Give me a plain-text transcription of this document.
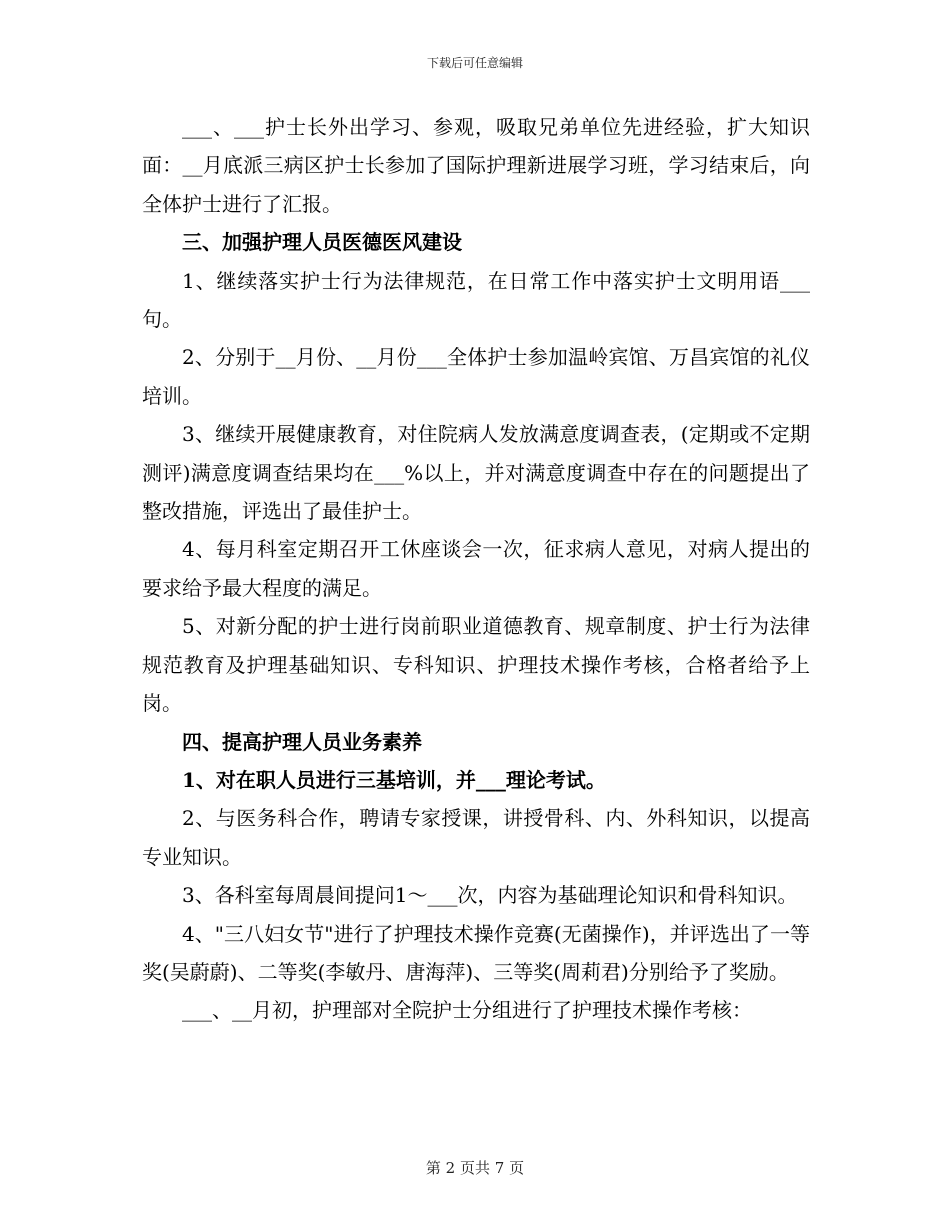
下载后可任意编辑

___、___护士长外出学习、参观，吸取兄弟单位先进经验，扩大知识面：__月底派三病区护士长参加了国际护理新进展学习班，学习结束后，向全体护士进行了汇报。

三、加强护理人员医德医风建设

1、继续落实护士行为法律规范，在日常工作中落实护士文明用语___句。

2、分别于__月份、__月份___全体护士参加温岭宾馆、万昌宾馆的礼仪培训。

3、继续开展健康教育，对住院病人发放满意度调查表，(定期或不定期测评)满意度调查结果均在___%以上，并对满意度调查中存在的问题提出了整改措施，评选出了最佳护士。

4、每月科室定期召开工休座谈会一次，征求病人意见，对病人提出的要求给予最大程度的满足。

5、对新分配的护士进行岗前职业道德教育、规章制度、护士行为法律规范教育及护理基础知识、专科知识、护理技术操作考核，合格者给予上岗。

四、提高护理人员业务素养

1、对在职人员进行三基培训，并___理论考试。

2、与医务科合作，聘请专家授课，讲授骨科、内、外科知识，以提高专业知识。

3、各科室每周晨间提问1～___次，内容为基础理论知识和骨科知识。

4、"三八妇女节"进行了护理技术操作竞赛(无菌操作)，并评选出了一等奖(吴蔚蔚)、二等奖(李敏丹、唐海萍)、三等奖(周莉君)分别给予了奖励。

___、__月初，护理部对全院护士分组进行了护理技术操作考核：

第 2 页共 7 页
